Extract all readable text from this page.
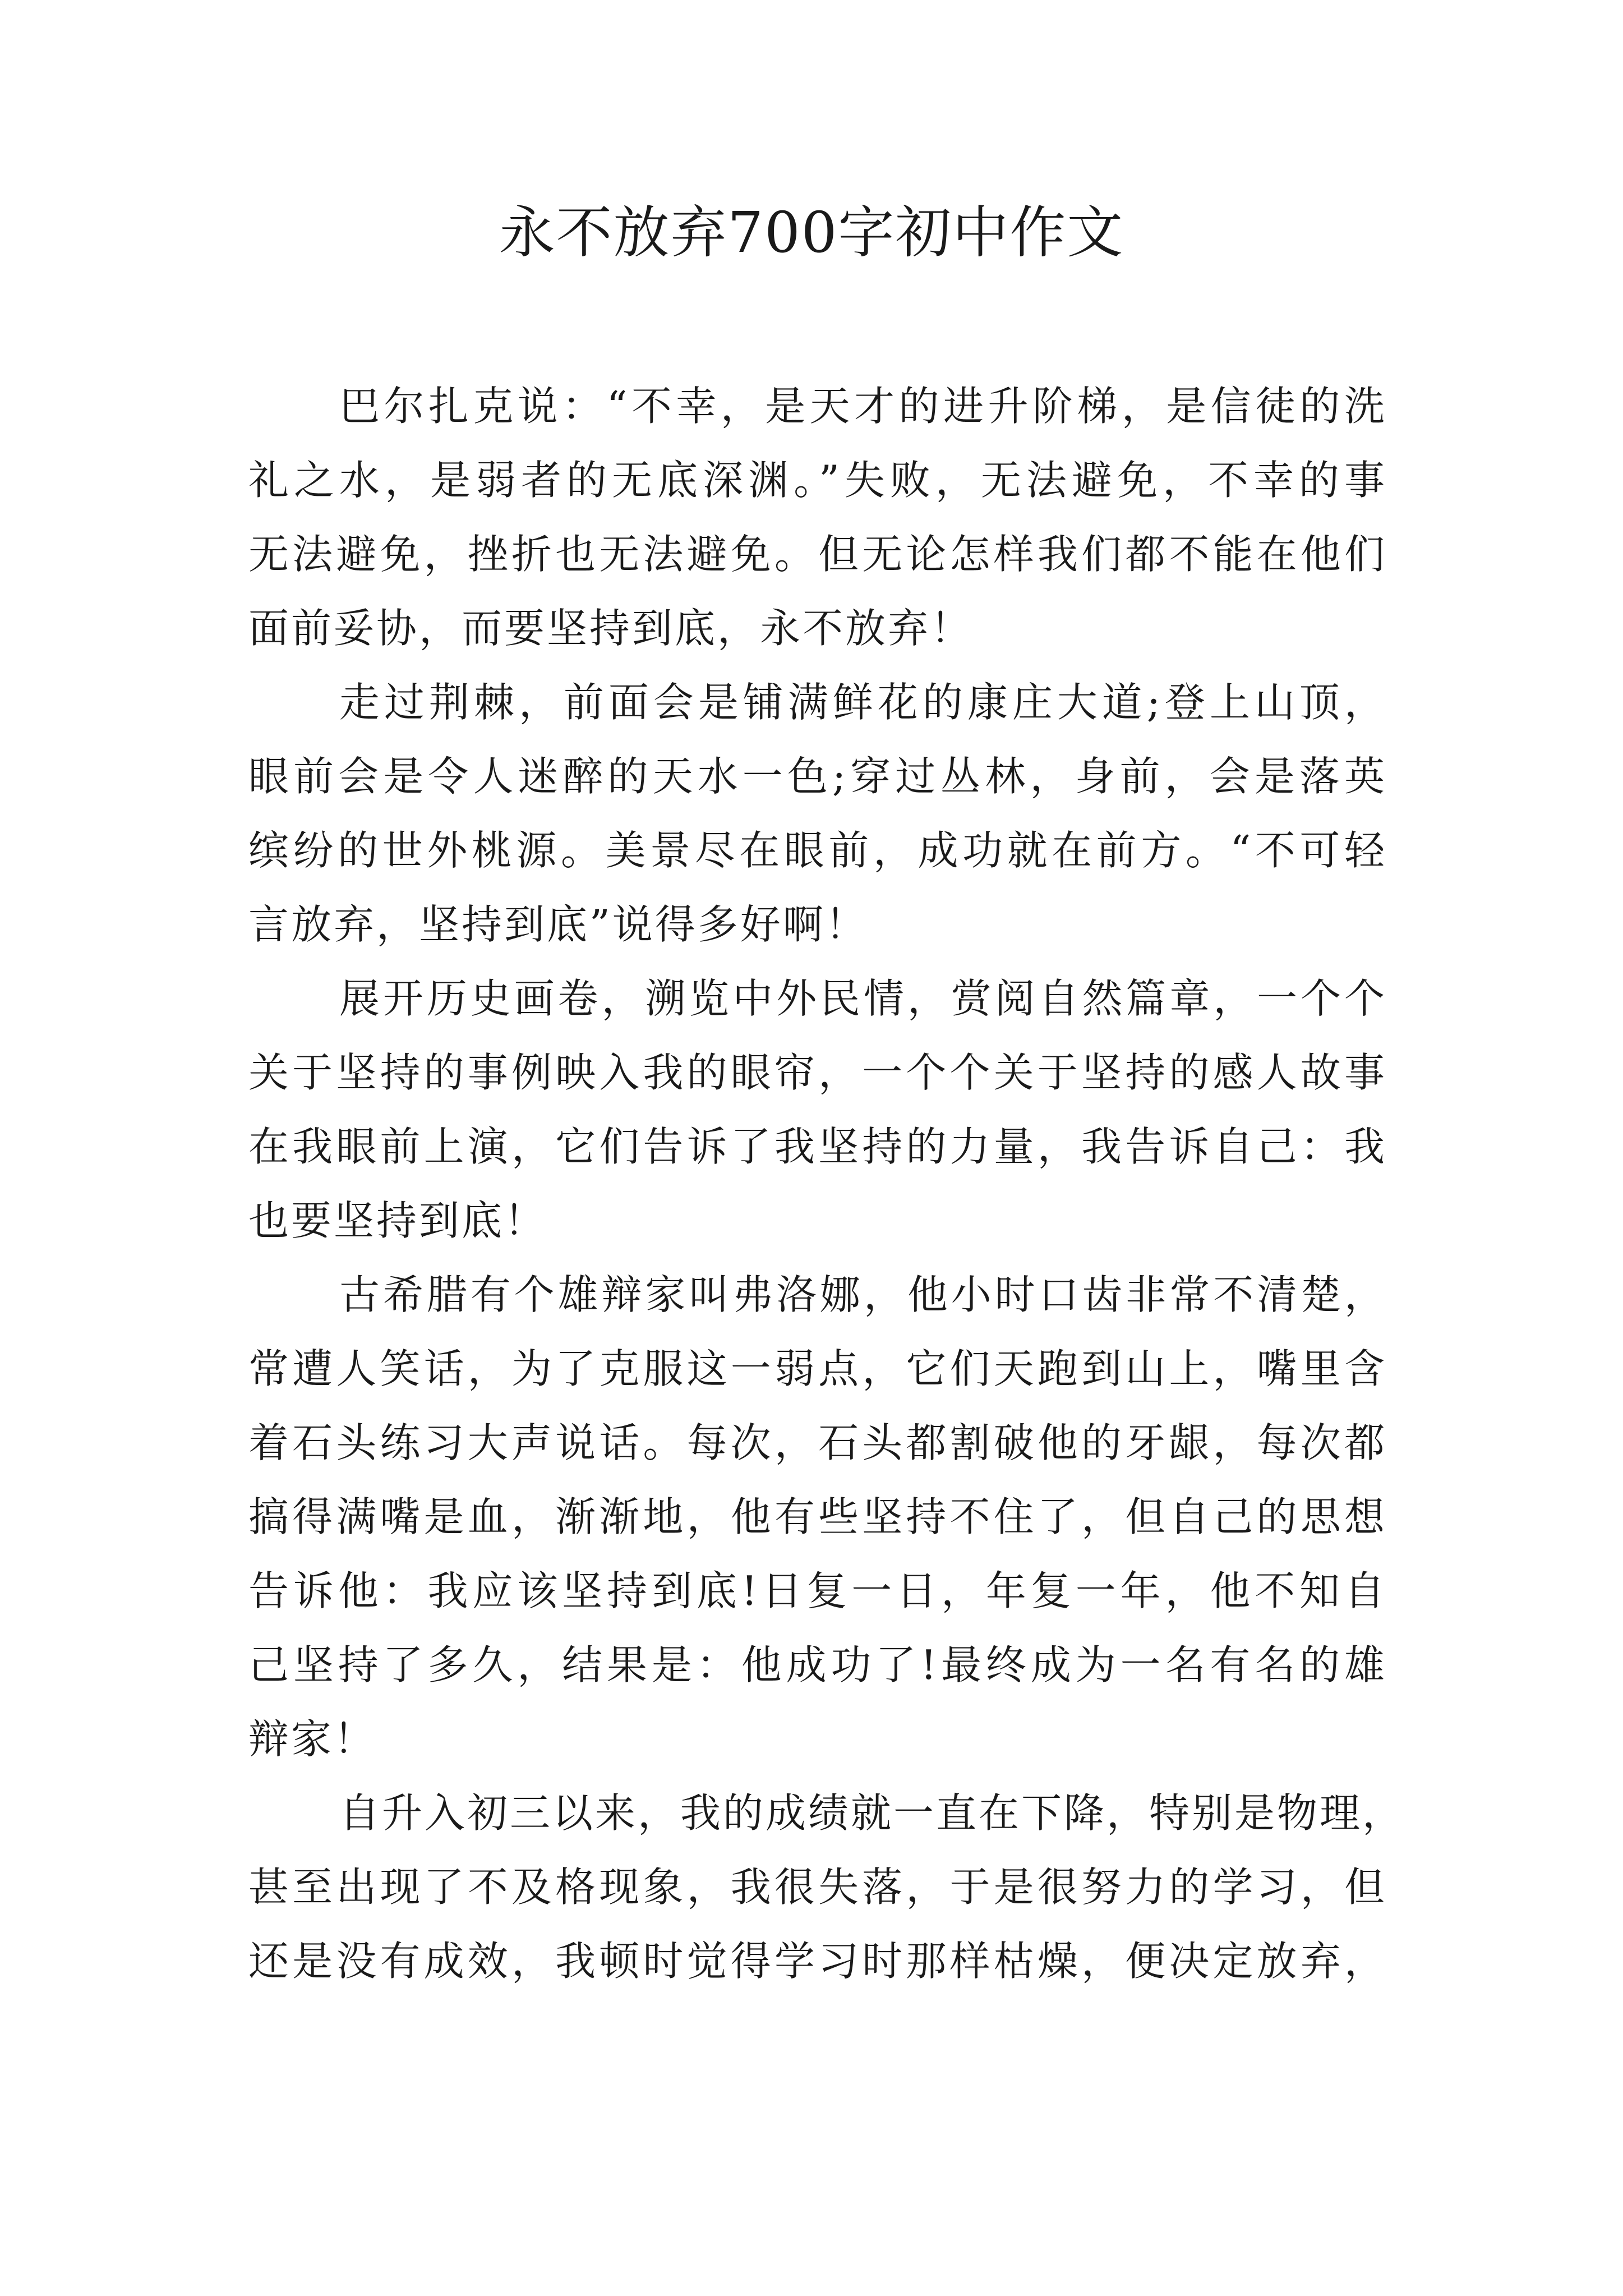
永不放弃700字初中作文

巴尔扎克说：“不幸，是天才的进升阶梯，是信徒的洗
礼之水，是弱者的无底深渊。”失败，无法避免，不幸的事
无法避免，挫折也无法避免。但无论怎样我们都不能在他们
面前妥协，而要坚持到底，永不放弃！

走过荆棘，前面会是铺满鲜花的康庄大道;登上山顶，
眼前会是令人迷醉的天水一色;穿过丛林，身前，会是落英
缤纷的世外桃源。美景尽在眼前，成功就在前方。“不可轻
言放弃，坚持到底”说得多好啊！

展开历史画卷，溯览中外民情，赏阅自然篇章，一个个
关于坚持的事例映入我的眼帘，一个个关于坚持的感人故事
在我眼前上演，它们告诉了我坚持的力量，我告诉自己：我
也要坚持到底！

古希腊有个雄辩家叫弗洛娜，他小时口齿非常不清楚，
常遭人笑话，为了克服这一弱点，它们天跑到山上，嘴里含
着石头练习大声说话。每次，石头都割破他的牙龈，每次都
搞得满嘴是血，渐渐地，他有些坚持不住了，但自己的思想
告诉他：我应该坚持到底!日复一日，年复一年，他不知自
己坚持了多久，结果是：他成功了!最终成为一名有名的雄
辩家！

自升入初三以来，我的成绩就一直在下降，特别是物理，
甚至出现了不及格现象，我很失落，于是很努力的学习，但
还是没有成效，我顿时觉得学习时那样枯燥，便决定放弃，
